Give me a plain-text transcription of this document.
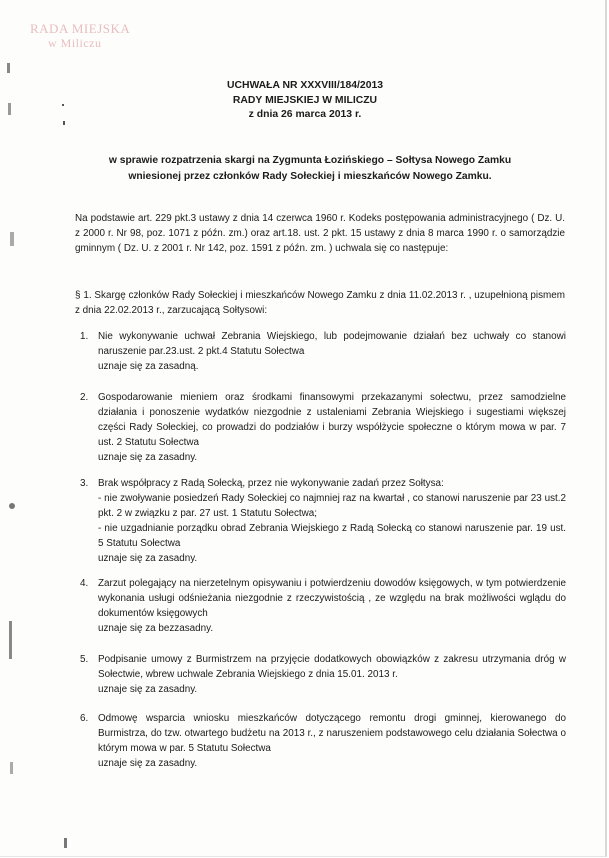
RADA MIEJSKA
w Miliczu
UCHWAŁA NR XXXVIII/184/2013
RADY MIEJSKIEJ W MILICZU
z dnia 26 marca 2013 r.
w sprawie rozpatrzenia skargi na Zygmunta Łozińskiego – Sołtysa Nowego Zamku
wniesionej przez członków Rady Sołeckiej i mieszkańców Nowego Zamku.
Na podstawie art. 229 pkt.3 ustawy z dnia 14 czerwca 1960 r. Kodeks postępowania administracyjnego ( Dz. U. z 2000 r. Nr 98, poz. 1071 z późn. zm.) oraz art.18. ust. 2 pkt. 15 ustawy z dnia 8 marca 1990 r. o samorządzie gminnym ( Dz. U. z 2001 r. Nr 142, poz. 1591 z późn. zm. ) uchwala się co następuje:
§ 1. Skargę członków Rady Sołeckiej i mieszkańców Nowego Zamku z dnia 11.02.2013 r. , uzupełnioną pismem z dnia 22.02.2013 r., zarzucającą Sołtysowi:
1. Nie wykonywanie uchwał Zebrania Wiejskiego, lub podejmowanie działań bez uchwały co stanowi naruszenie par.23.ust. 2 pkt.4 Statutu Sołectwa
uznaje się za zasadną.
2. Gospodarowanie mieniem oraz środkami finansowymi przekazanymi sołectwu, przez samodzielne działania i ponoszenie wydatków niezgodnie z ustaleniami Zebrania Wiejskiego i sugestiami większej części Rady Sołeckiej, co prowadzi do podziałów i burzy współżycie społeczne o którym mowa w par. 7 ust. 2 Statutu Sołectwa
uznaje się za zasadny.
3. Brak współpracy z Radą Sołecką, przez nie wykonywanie zadań przez Sołtysa:
- nie zwoływanie posiedzeń Rady Sołeckiej co najmniej raz na kwartał , co stanowi naruszenie par 23 ust.2 pkt. 2 w związku z par. 27 ust. 1 Statutu Sołectwa;
- nie uzgadnianie porządku obrad Zebrania Wiejskiego z Radą Sołecką co stanowi naruszenie par. 19 ust. 5 Statutu Sołectwa
uznaje się za zasadny.
4. Zarzut polegający na nierzetelnym opisywaniu i potwierdzeniu dowodów księgowych, w tym potwierdzenie wykonania usługi odśnieżania niezgodnie z rzeczywistością , ze względu na brak możliwości wglądu do dokumentów księgowych
uznaje się za bezzasadny.
5. Podpisanie umowy z Burmistrzem na przyjęcie dodatkowych obowiązków z zakresu utrzymania dróg w Sołectwie, wbrew uchwale Zebrania Wiejskiego z dnia 15.01. 2013 r.
uznaje się za zasadny.
6. Odmowę wsparcia wniosku mieszkańców dotyczącego remontu drogi gminnej, kierowanego do Burmistrza, do tzw. otwartego budżetu na 2013 r., z naruszeniem podstawowego celu działania Sołectwa o którym mowa w par. 5 Statutu Sołectwa
uznaje się za zasadny.
